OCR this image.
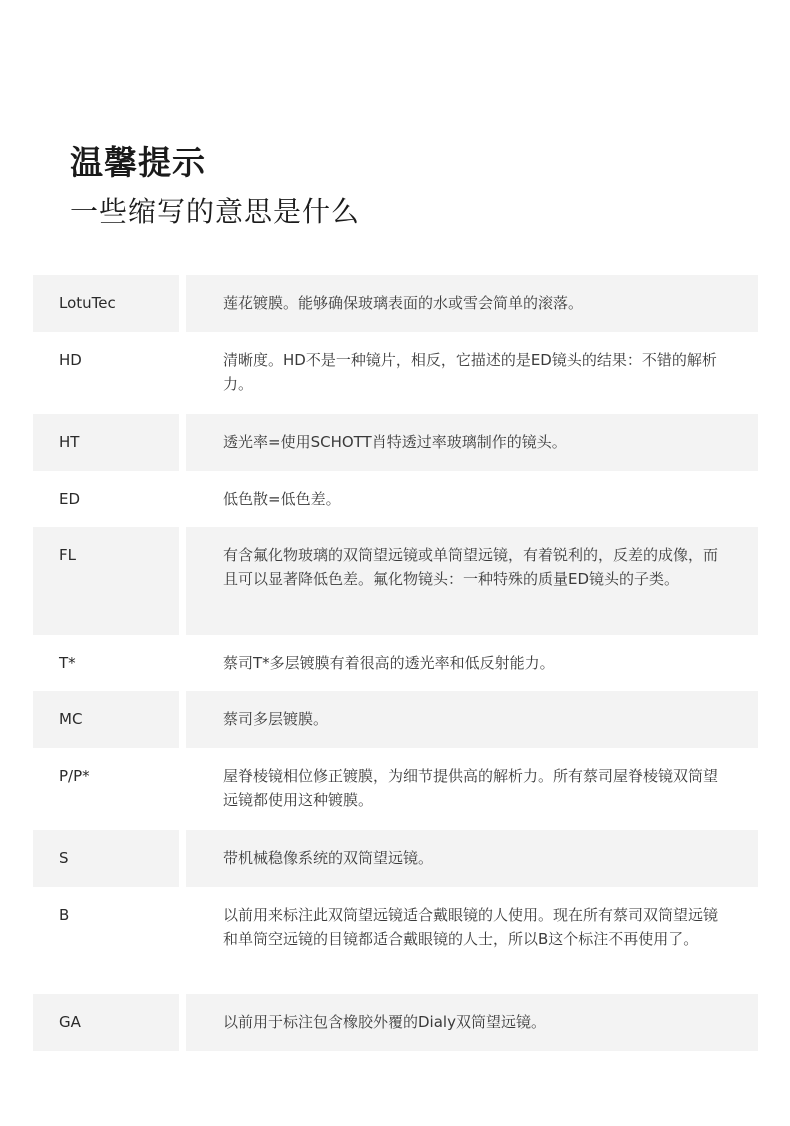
温馨提示
一些缩写的意思是什么
LotuTec	莲花镀膜。能够确保玻璃表面的水或雪会简单的滚落。
HD	清晰度。HD不是一种镜片，相反，它描述的是ED镜头的结果：不错的解析力。
HT	透光率=使用SCHOTT肖特透过率玻璃制作的镜头。
ED	低色散=低色差。
FL	有含氟化物玻璃的双筒望远镜或单筒望远镜，有着锐利的，反差的成像，而且可以显著降低色差。氟化物镜头：一种特殊的质量ED镜头的子类。
T*	蔡司T*多层镀膜有着很高的透光率和低反射能力。
MC	蔡司多层镀膜。
P/P*	屋脊棱镜相位修正镀膜，为细节提供高的解析力。所有蔡司屋脊棱镜双筒望远镜都使用这种镀膜。
S	带机械稳像系统的双筒望远镜。
B	以前用来标注此双筒望远镜适合戴眼镜的人使用。现在所有蔡司双筒望远镜和单筒空远镜的目镜都适合戴眼镜的人士，所以B这个标注不再使用了。
GA	以前用于标注包含橡胶外覆的Dialy双筒望远镜。
